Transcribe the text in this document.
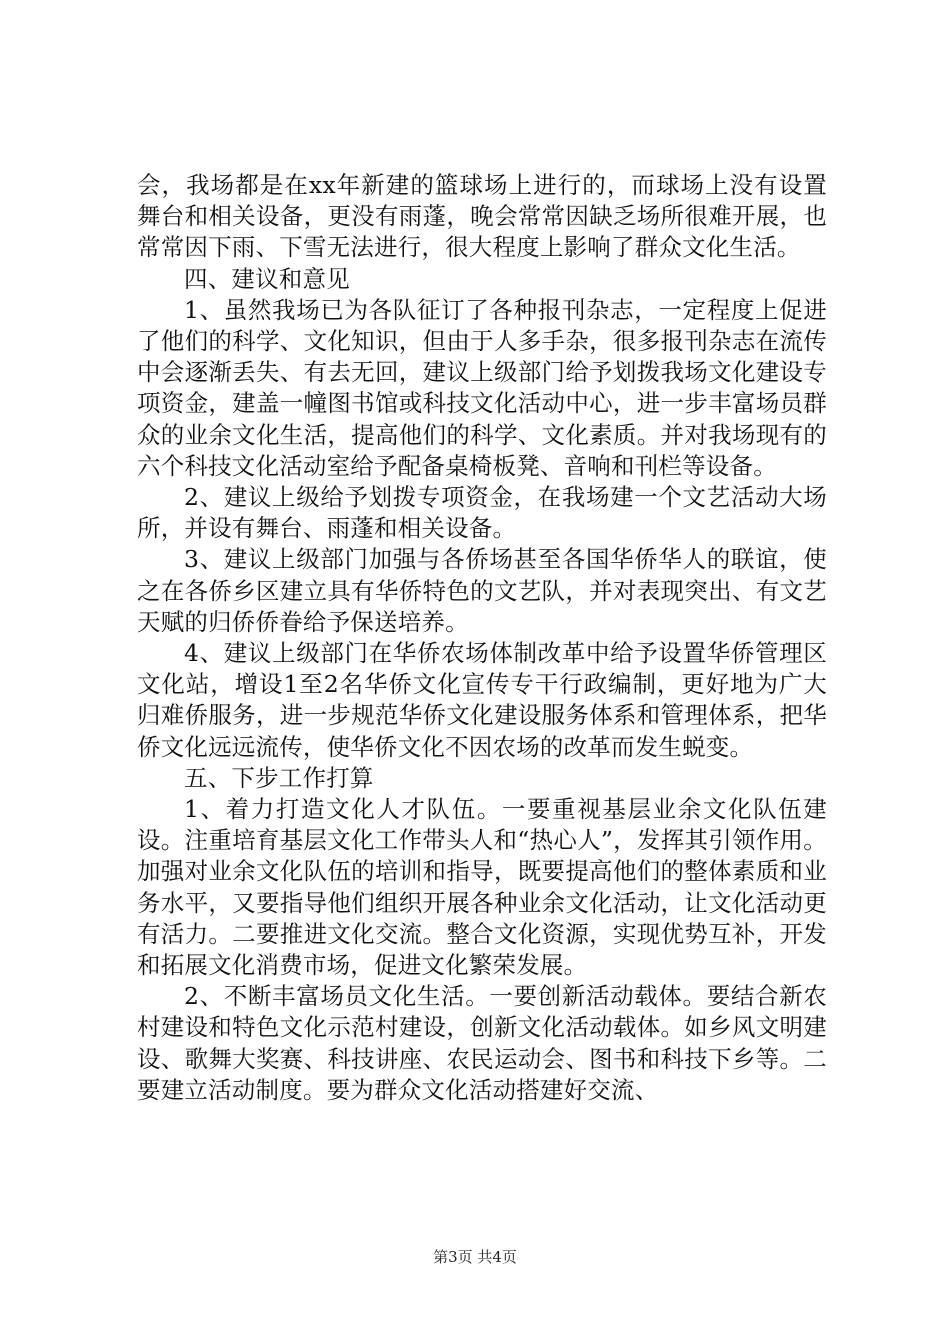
会，我场都是在xx年新建的篮球场上进行的，而球场上没有设置舞台和相关设备，更没有雨蓬，晚会常常因缺乏场所很难开展，也常常因下雨、下雪无法进行，很大程度上影响了群众文化生活。

四、建议和意见

1、虽然我场已为各队征订了各种报刊杂志，一定程度上促进了他们的科学、文化知识，但由于人多手杂，很多报刊杂志在流传中会逐渐丢失、有去无回，建议上级部门给予划拨我场文化建设专项资金，建盖一幢图书馆或科技文化活动中心，进一步丰富场员群众的业余文化生活，提高他们的科学、文化素质。并对我场现有的六个科技文化活动室给予配备桌椅板凳、音响和刊栏等设备。

2、建议上级给予划拨专项资金，在我场建一个文艺活动大场所，并设有舞台、雨蓬和相关设备。

3、建议上级部门加强与各侨场甚至各国华侨华人的联谊，使之在各侨乡区建立具有华侨特色的文艺队，并对表现突出、有文艺天赋的归侨侨眷给予保送培养。

4、建议上级部门在华侨农场体制改革中给予设置华侨管理区文化站，增设1至2名华侨文化宣传专干行政编制，更好地为广大归难侨服务，进一步规范华侨文化建设服务体系和管理体系，把华侨文化远远流传，使华侨文化不因农场的改革而发生蜕变。

五、下步工作打算

1、着力打造文化人才队伍。一要重视基层业余文化队伍建设。注重培育基层文化工作带头人和“热心人”，发挥其引领作用。加强对业余文化队伍的培训和指导，既要提高他们的整体素质和业务水平，又要指导他们组织开展各种业余文化活动，让文化活动更有活力。二要推进文化交流。整合文化资源，实现优势互补，开发和拓展文化消费市场，促进文化繁荣发展。

2、不断丰富场员文化生活。一要创新活动载体。要结合新农村建设和特色文化示范村建设，创新文化活动载体。如乡风文明建设、歌舞大奖赛、科技讲座、农民运动会、图书和科技下乡等。二要建立活动制度。要为群众文化活动搭建好交流、

第3页 共4页
